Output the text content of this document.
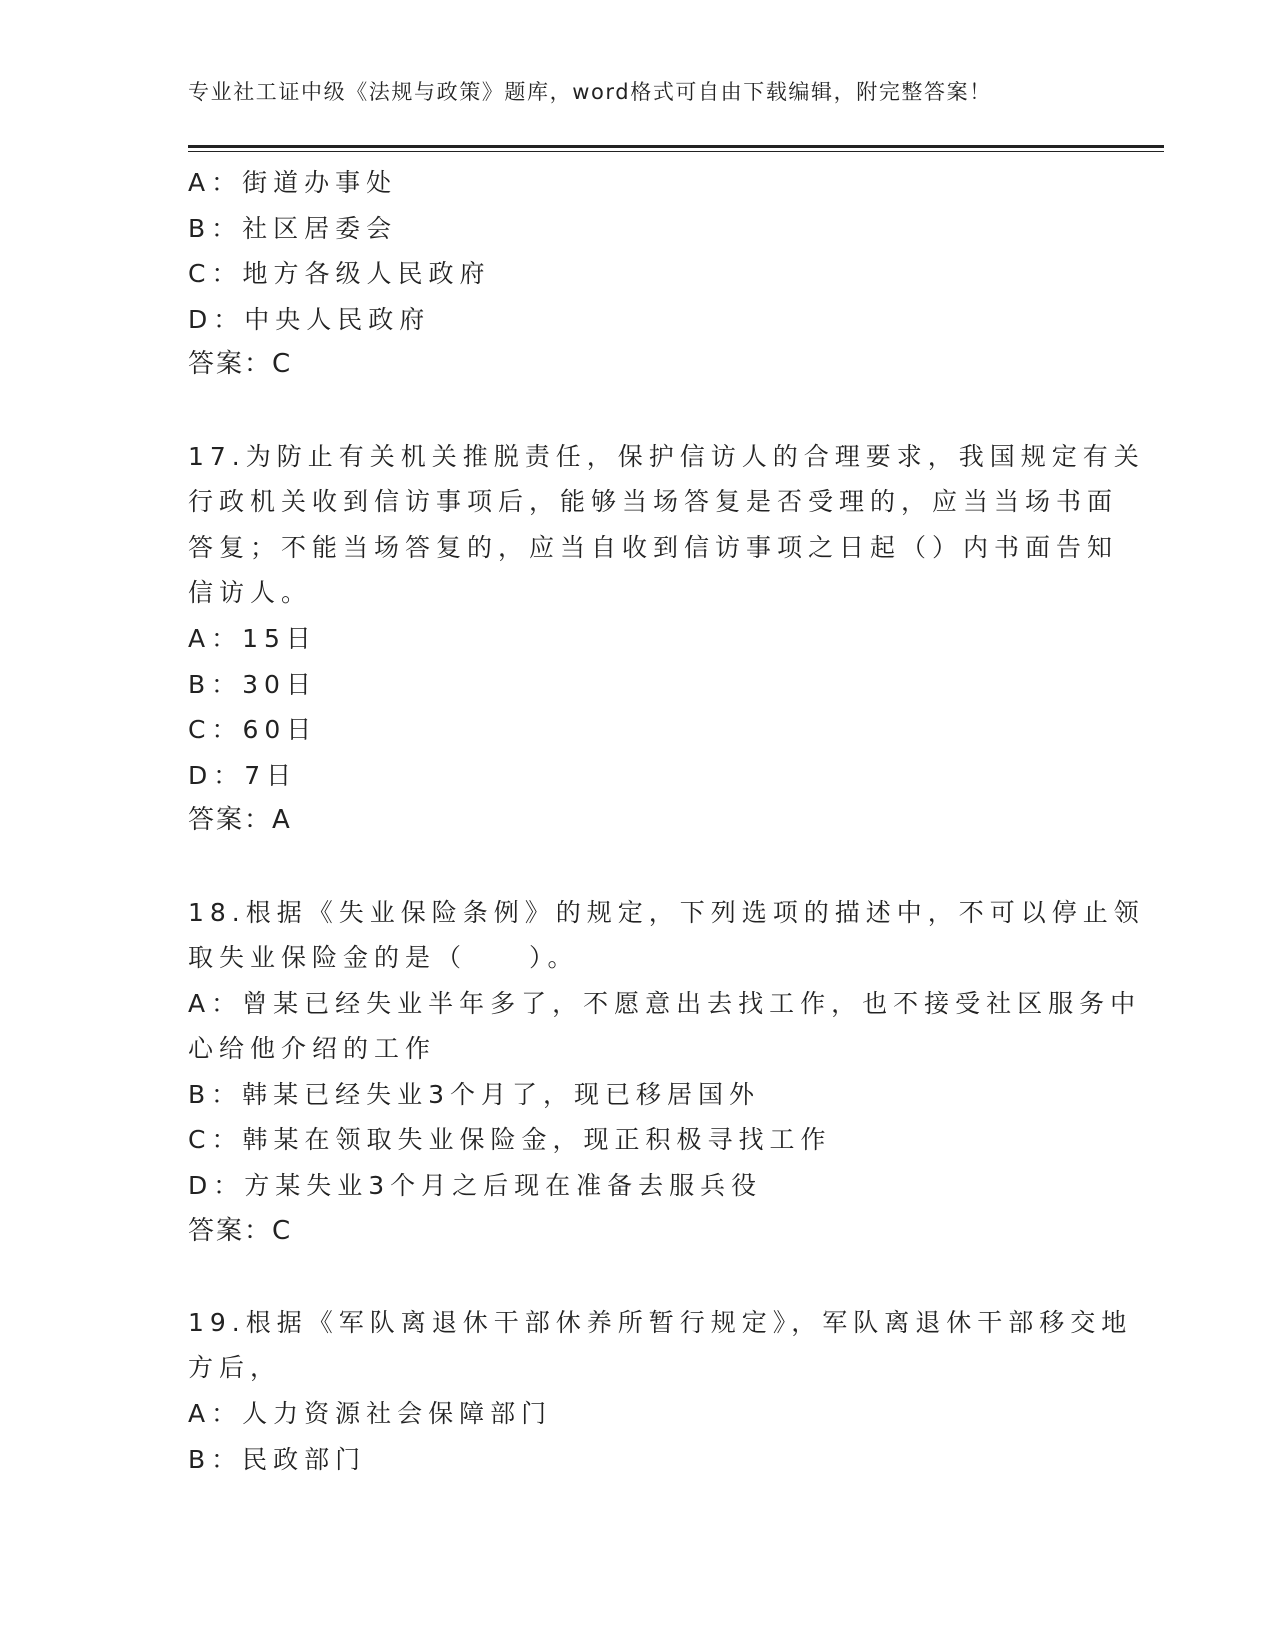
专业社工证中级《法规与政策》题库，word格式可自由下载编辑，附完整答案！
A：街道办事处
B：社区居委会
C：地方各级人民政府
D：中央人民政府
答案：C
17.为防止有关机关推脱责任，保护信访人的合理要求，我国规定有关
行政机关收到信访事项后，能够当场答复是否受理的，应当当场书面
答复；不能当场答复的，应当自收到信访事项之日起（）内书面告知
信访人。
A：15日
B：30日
C：60日
D：7日
答案：A
18.根据《失业保险条例》的规定，下列选项的描述中，不可以停止领
取失业保险金的是（　　）。
A：曾某已经失业半年多了，不愿意出去找工作，也不接受社区服务中
心给他介绍的工作
B：韩某已经失业3个月了，现已移居国外
C：韩某在领取失业保险金，现正积极寻找工作
D：方某失业3个月之后现在准备去服兵役
答案：C
19.根据《军队离退休干部休养所暂行规定》，军队离退休干部移交地
方后，
A：人力资源社会保障部门
B：民政部门
